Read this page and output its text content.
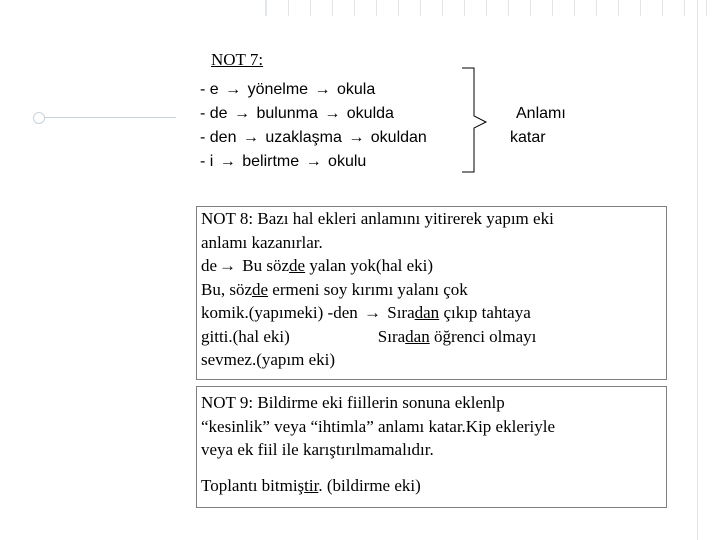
NOT 7:
- e → yönelme → okula
- de → bulunma → okulda
- den → uzaklaşma → okuldan
- i → belirtme → okulu
Anlamı
katar

NOT 8: Bazı hal ekleri anlamını yitirerek yapım eki

anlamı kazanırlar.

de → Bu sözde yalan yok(hal eki)

Bu, sözde ermeni soy kırımı yalanı çok

komik.(yapımeki) -den → Sıradan çıkıp tahtaya

gitti.(hal eki)	Sıradan öğrenci olmayı

sevmez.(yapım eki)

NOT 9: Bildirme eki fiillerin sonuna eklenlp

“kesinlik” veya “ihtimla” anlamı katar.Kip ekleriyle

veya ek fiil ile karıştırılmamalıdır.

Toplantı bitmiştir. (bildirme eki)
